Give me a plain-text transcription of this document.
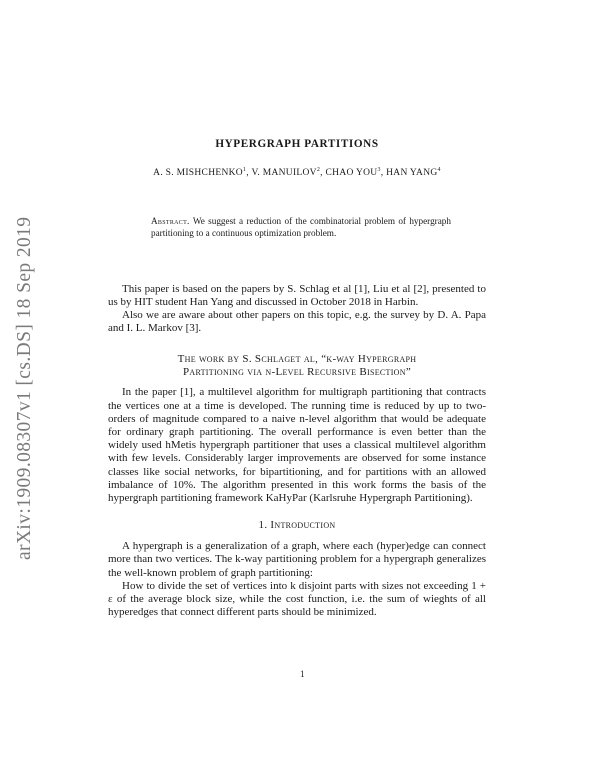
arXiv:1909.08307v1 [cs.DS] 18 Sep 2019
HYPERGRAPH PARTITIONS
A. S. MISHCHENKO$^1$, V. MANUILOV$^2$, CHAO YOU$^3$, HAN YANG$^4$
Abstract. We suggest a reduction of the combinatorial problem of hypergraph partitioning to a continuous optimization problem.

This paper is based on the papers by S. Schlag et al [1], Liu et al [2], presented to us by HIT student Han Yang and discussed in October 2018 in Harbin.

Also we are aware about other papers on this topic, e.g. the survey by D. A. Papa and I. L. Markov [3].

The work by S. Schlaget al, “k-way Hypergraph
Partitioning via n-Level Recursive Bisection”

In the paper [1], a multilevel algorithm for multigraph partitioning that contracts the vertices one at a time is developed. The running time is reduced by up to two-orders of magnitude compared to a naive n-level algorithm that would be adequate for ordinary graph partitioning. The overall performance is even better than the widely used hMetis hypergraph partitioner that uses a classical multilevel algorithm with few levels. Considerably larger improvements are observed for some instance classes like social networks, for bipartitioning, and for partitions with an allowed imbalance of 10%. The algorithm presented in this work forms the basis of the hypergraph partitioning framework KaHyPar (Karlsruhe Hypergraph Partitioning).

1. Introduction

A hypergraph is a generalization of a graph, where each (hyper)edge can connect more than two vertices. The k-way partitioning problem for a hypergraph generalizes the well-known problem of graph partitioning:

How to divide the set of vertices into k disjoint parts with sizes not exceeding 1 + ε of the average block size, while the cost function, i.e. the sum of wieghts of all hyperedges that connect different parts should be minimized.

1
